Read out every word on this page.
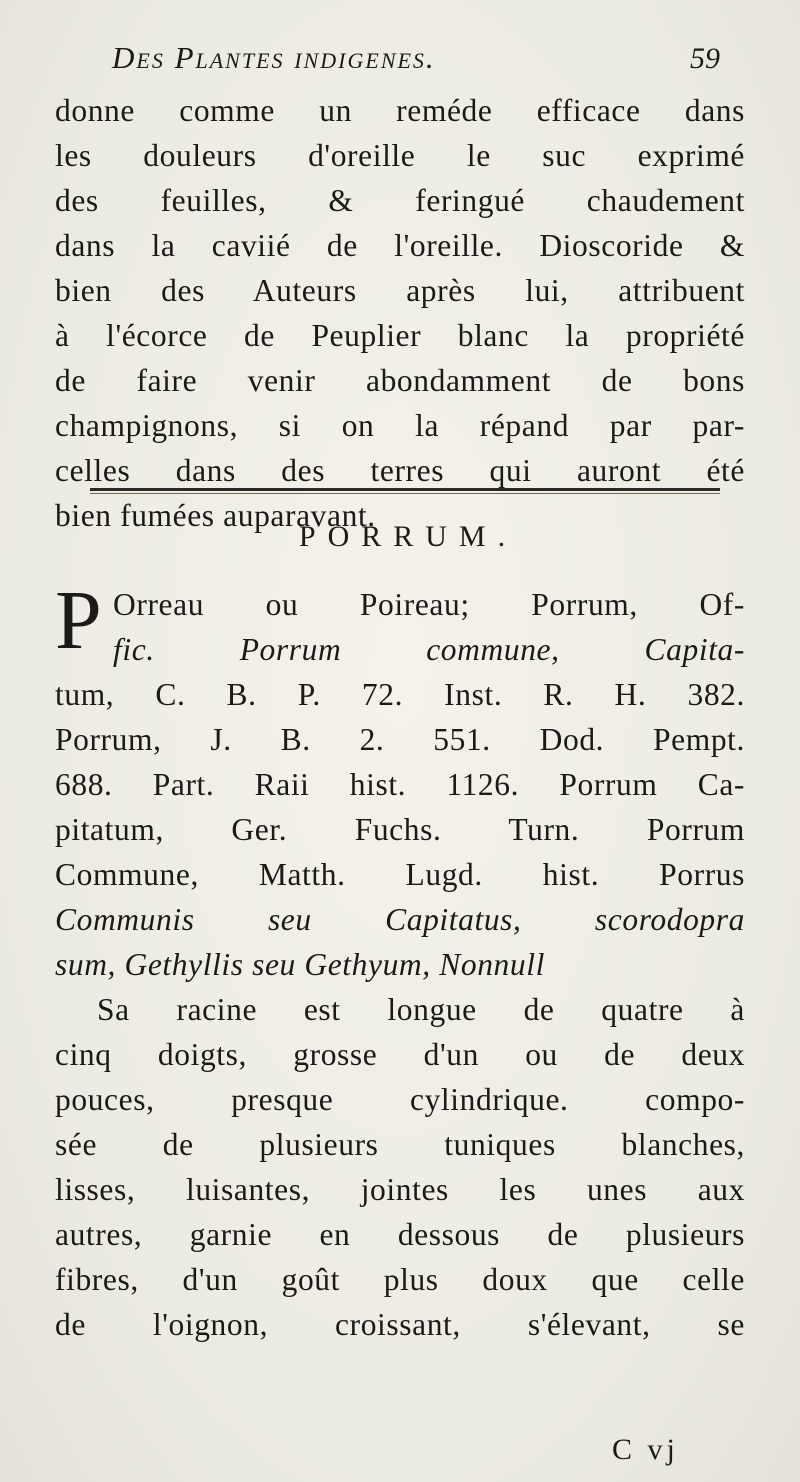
Des Plantes indigenes.	59
donne comme un reméde efficace dans
les douleurs d'oreille le suc exprimé
des feuilles, & feringué chaudement
dans la caviié de l'oreille. Dioscoride &
bien des Auteurs après lui, attribuent
à l'écorce de Peuplier blanc la propriété
de faire venir abondamment de bons
champignons, si on la répand par par-
celles dans des terres qui auront été
bien fumées auparavant.
PORRUM.
P Orreau ou Poireau; Porrum, Of-
fic. Porrum commune, Capita-
tum, C. B. P. 72. Inst. R. H. 382.
Porrum, J. B. 2. 551. Dod. Pempt.
688. Part. Raii hist. 1126. Porrum Ca-
pitatum, Ger. Fuchs. Turn. Porrum
Commune, Matth. Lugd. hist. Porrus
Communis seu Capitatus, scorodopra
sum, Gethyllis seu Gethyum, Nonnull
Sa racine est longue de quatre à
cinq doigts, grosse d'un ou de deux
pouces, presque cylindrique. compo-
sée de plusieurs tuniques blanches,
lisses, luisantes, jointes les unes aux
autres, garnie en dessous de plusieurs
fibres, d'un goût plus doux que celle
de l'oignon, croissant, s'élevant, se
C vj
